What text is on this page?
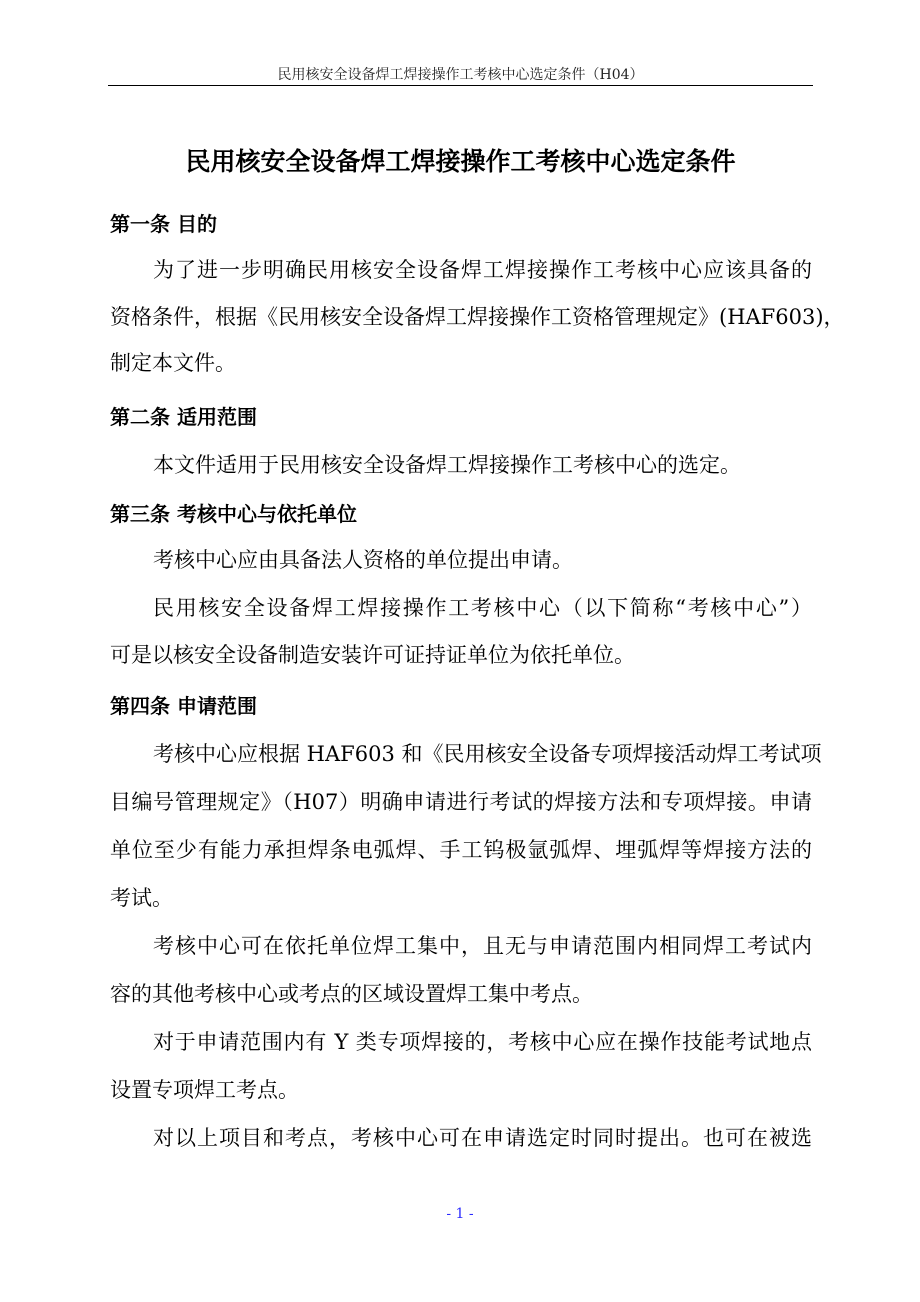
民用核安全设备焊工焊接操作工考核中心选定条件（H04）
民用核安全设备焊工焊接操作工考核中心选定条件
第一条 目的
为了进一步明确民用核安全设备焊工焊接操作工考核中心应该具备的
资格条件，根据《民用核安全设备焊工焊接操作工资格管理规定》(HAF603)，
制定本文件。
第二条 适用范围
本文件适用于民用核安全设备焊工焊接操作工考核中心的选定。
第三条 考核中心与依托单位
考核中心应由具备法人资格的单位提出申请。
民用核安全设备焊工焊接操作工考核中心（以下简称“考核中心”）
可是以核安全设备制造安装许可证持证单位为依托单位。
第四条 申请范围
考核中心应根据 HAF603 和《民用核安全设备专项焊接活动焊工考试项
目编号管理规定》（H07）明确申请进行考试的焊接方法和专项焊接。申请
单位至少有能力承担焊条电弧焊、手工钨极氩弧焊、埋弧焊等焊接方法的
考试。
考核中心可在依托单位焊工集中，且无与申请范围内相同焊工考试内
容的其他考核中心或考点的区域设置焊工集中考点。
对于申请范围内有 Y 类专项焊接的，考核中心应在操作技能考试地点
设置专项焊工考点。
对以上项目和考点，考核中心可在申请选定时同时提出。也可在被选
- 1 -
